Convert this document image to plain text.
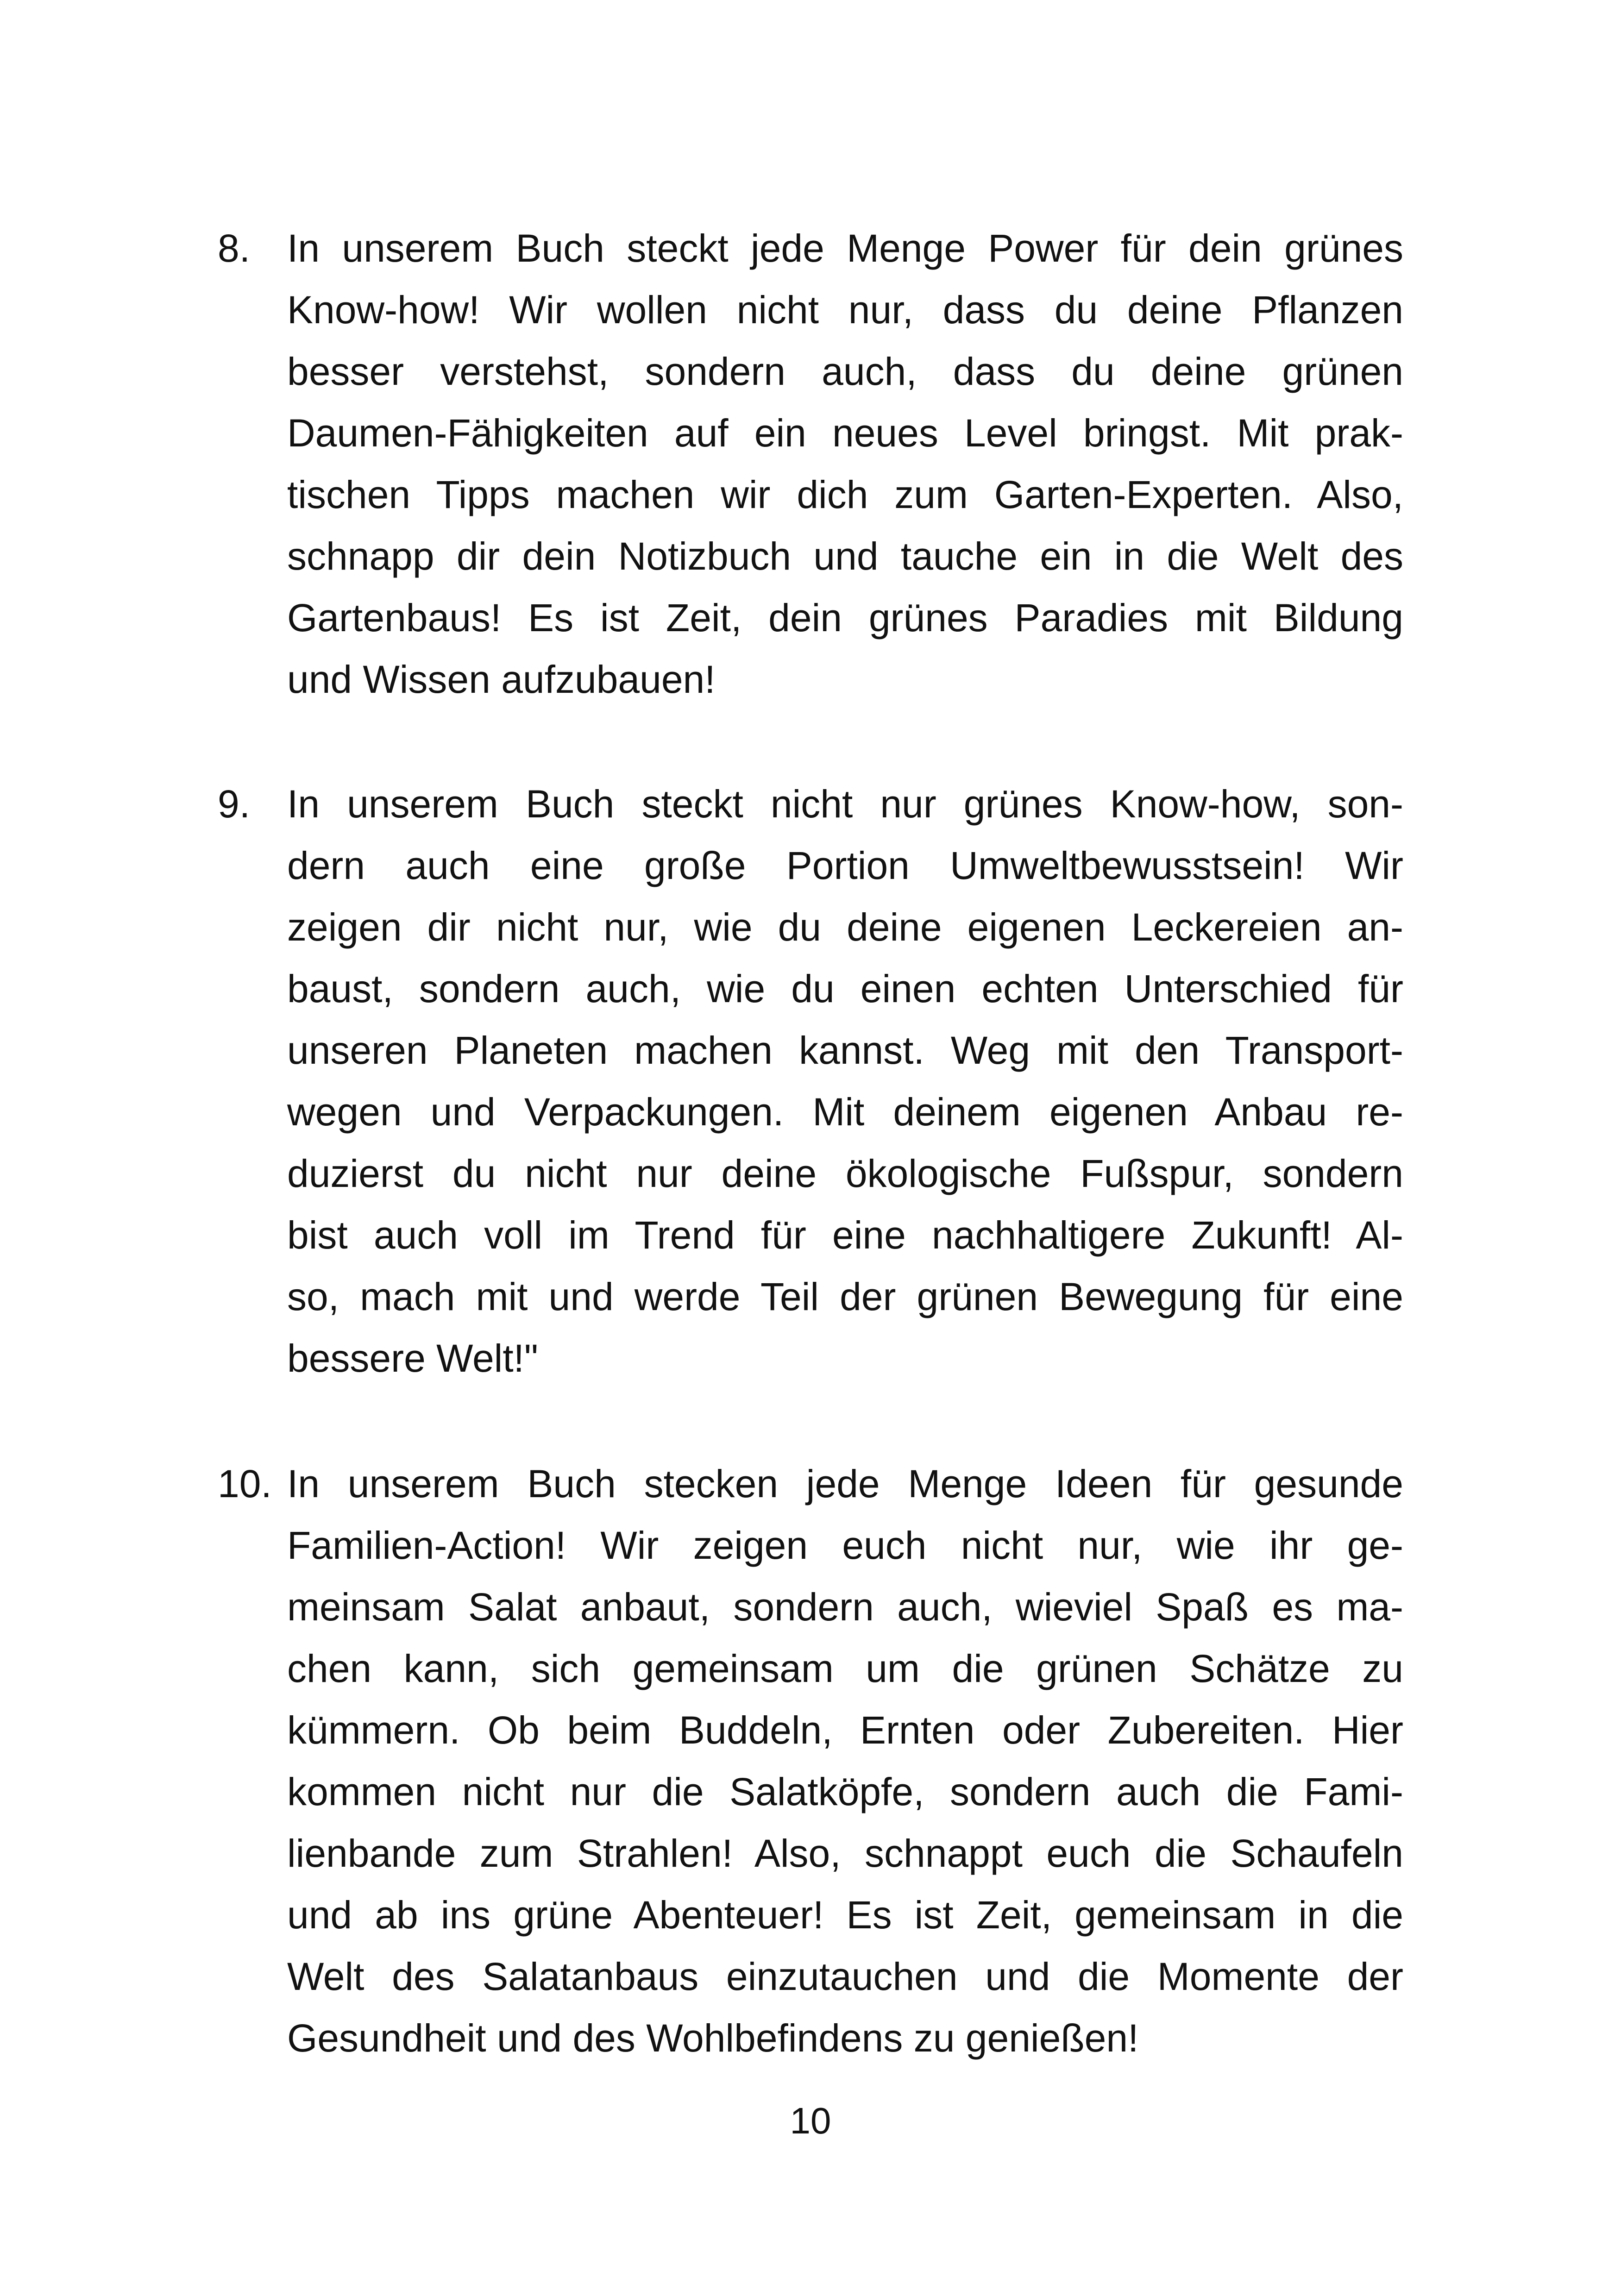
8. In unserem Buch steckt jede Menge Power für dein grünes
Know-how! Wir wollen nicht nur, dass du deine Pflanzen
besser verstehst, sondern auch, dass du deine grünen
Daumen-Fähigkeiten auf ein neues Level bringst. Mit prak-
tischen Tipps machen wir dich zum Garten-Experten. Also,
schnapp dir dein Notizbuch und tauche ein in die Welt des
Gartenbaus! Es ist Zeit, dein grünes Paradies mit Bildung
und Wissen aufzubauen!
9. In unserem Buch steckt nicht nur grünes Know-how, son-
dern auch eine große Portion Umweltbewusstsein! Wir
zeigen dir nicht nur, wie du deine eigenen Leckereien an-
baust, sondern auch, wie du einen echten Unterschied für
unseren Planeten machen kannst. Weg mit den Transport-
wegen und Verpackungen. Mit deinem eigenen Anbau re-
duzierst du nicht nur deine ökologische Fußspur, sondern
bist auch voll im Trend für eine nachhaltigere Zukunft! Al-
so, mach mit und werde Teil der grünen Bewegung für eine
bessere Welt!"
10. In unserem Buch stecken jede Menge Ideen für gesunde
Familien-Action! Wir zeigen euch nicht nur, wie ihr ge-
meinsam Salat anbaut, sondern auch, wieviel Spaß es ma-
chen kann, sich gemeinsam um die grünen Schätze zu
kümmern. Ob beim Buddeln, Ernten oder Zubereiten. Hier
kommen nicht nur die Salatköpfe, sondern auch die Fami-
lienbande zum Strahlen! Also, schnappt euch die Schaufeln
und ab ins grüne Abenteuer! Es ist Zeit, gemeinsam in die
Welt des Salatanbaus einzutauchen und die Momente der
Gesundheit und des Wohlbefindens zu genießen!
10
